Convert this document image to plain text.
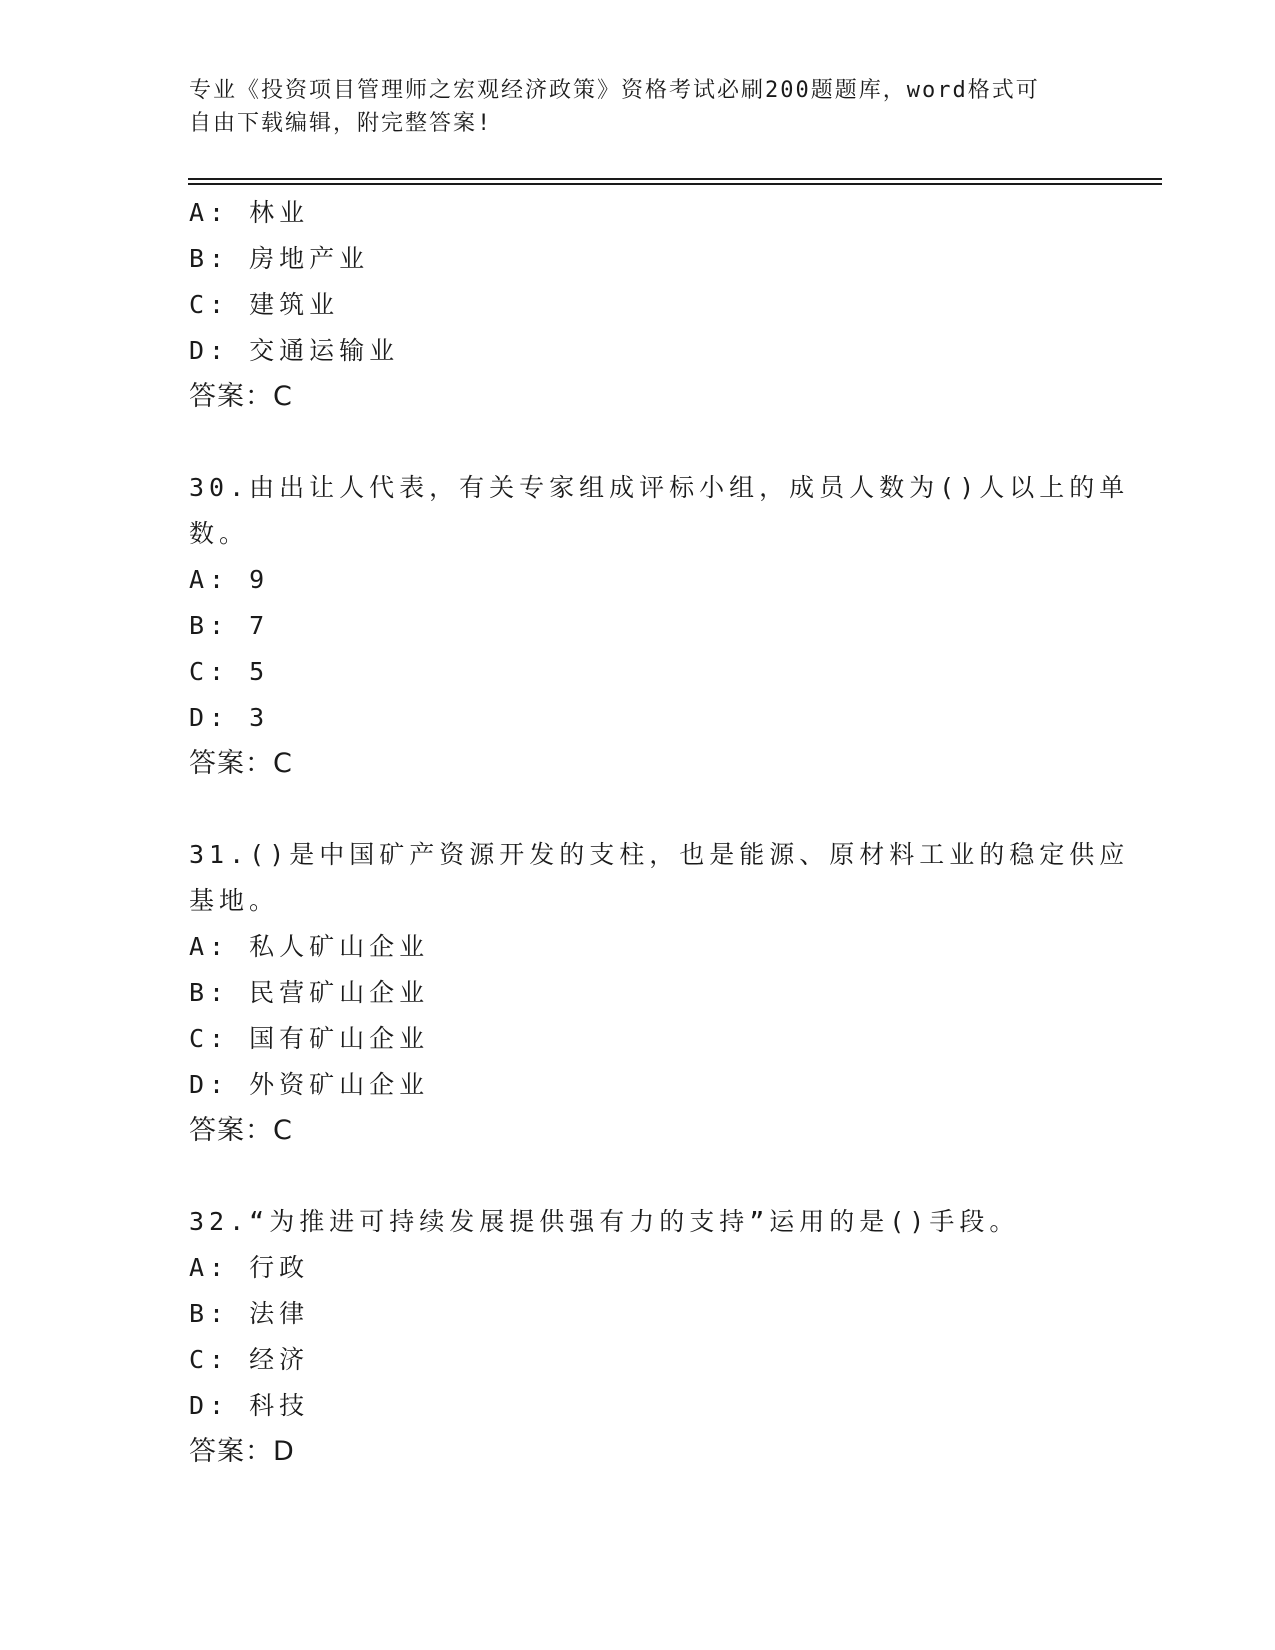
专业《投资项目管理师之宏观经济政策》资格考试必刷200题题库，word格式可
自由下载编辑，附完整答案!
A: 林业
B: 房地产业
C: 建筑业
D: 交通运输业
答案：C
30.由出让人代表，有关专家组成评标小组，成员人数为()人以上的单
数。
A: 9
B: 7
C: 5
D: 3
答案：C
31.()是中国矿产资源开发的支柱，也是能源、原材料工业的稳定供应
基地。
A: 私人矿山企业
B: 民营矿山企业
C: 国有矿山企业
D: 外资矿山企业
答案：C
32.“为推进可持续发展提供强有力的支持”运用的是()手段。
A: 行政
B: 法律
C: 经济
D: 科技
答案：D
